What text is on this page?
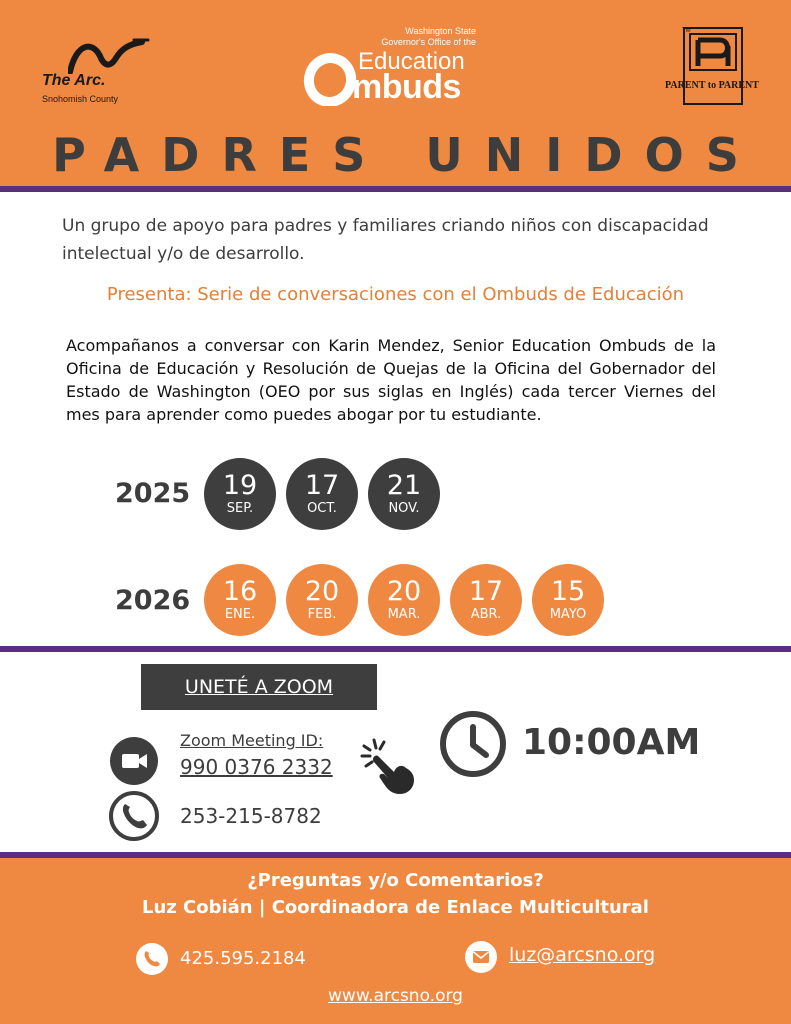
The Arc.
Snohomish County
Washington State
Governor's Office of the
Education
mbuds
TM
PARENT to PARENT
PADRES UNIDOS
Un grupo de apoyo para padres y familiares criando niños con discapacidad intelectual y/o de desarrollo.
Presenta: Serie de conversaciones con el Ombuds de Educación
Acompañanos a conversar con Karin Mendez, Senior Education Ombuds de la Oficina de Educación y Resolución de Quejas de la Oficina del Gobernador del Estado de Washington (OEO por sus siglas en Inglés) cada tercer Viernes del mes para aprender como puedes abogar por tu estudiante.
2025 19
SEP.
17
OCT.
21
NOV.
2026 16
ENE.
20
FEB.
20
MAR.
17
ABR.
15
MAYO
UNETÉ A ZOOM
Zoom Meeting ID:
990 0376 2332
10:00AM
253-215-8782
¿Preguntas y/o Comentarios?
Luz Cobián | Coordinadora de Enlace Multicultural
425.595.2184	luz@arcsno.org
www.arcsno.org
